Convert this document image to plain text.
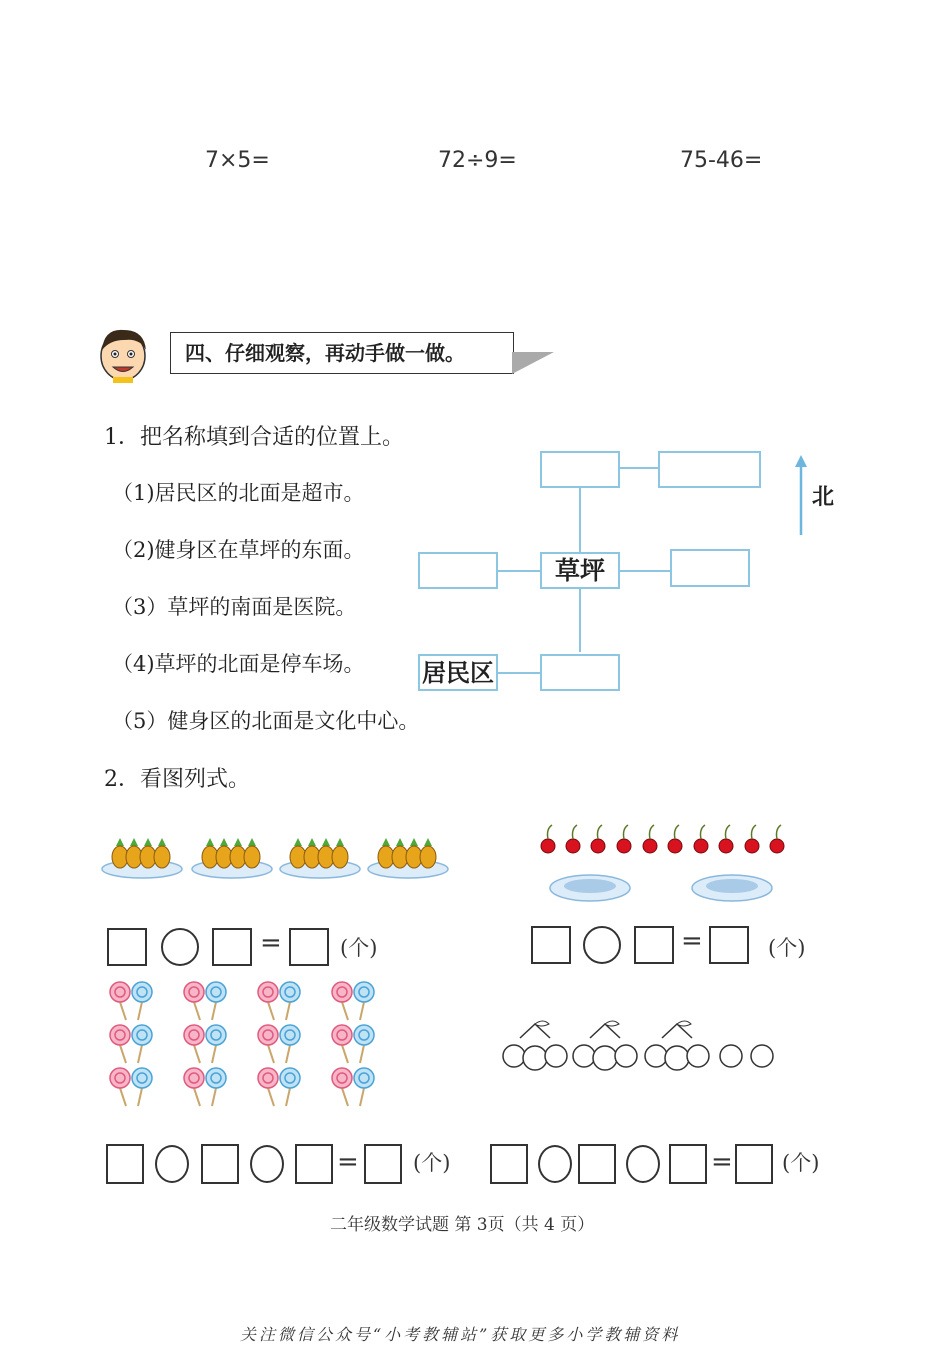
7×5=	72÷9=	75-46=
四、仔细观察，再动手做一做。
1．把名称填到合适的位置上。
（1)居民区的北面是超市。
（2)健身区在草坪的东面。
（3）草坪的南面是医院。
（4)草坪的北面是停车场。
（5）健身区的北面是文化中心。
草坪
居民区
北
2．看图列式。
=	(个)	=	(个)
=	(个)	= (个)
二年级数学试题 第 3页（共 4 页）
关注微信公众号“小考教辅站”获取更多小学教辅资料
